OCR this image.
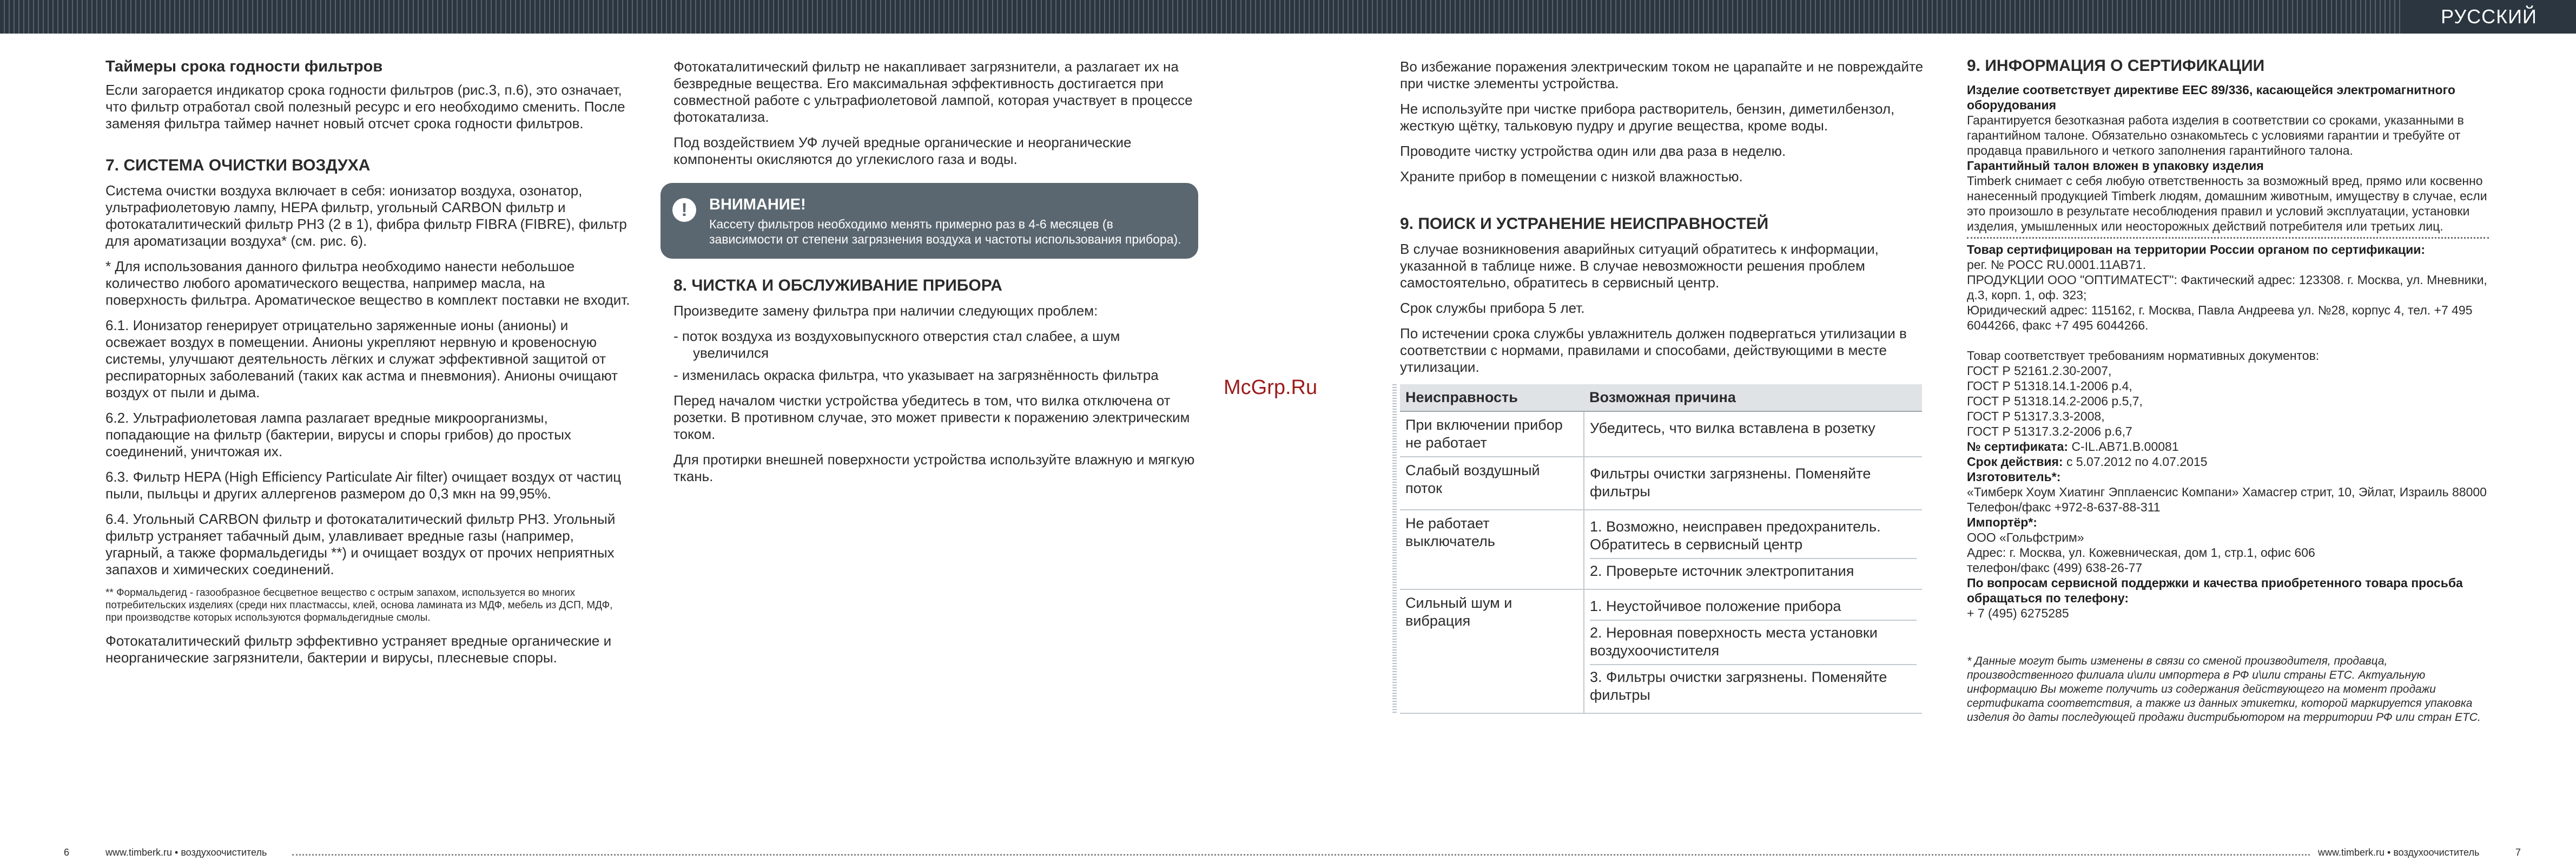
РУССКИЙ
Таймеры срока годности фильтров

Если загорается индикатор срока годности фильтров (рис.3, п.6), это означает, что фильтр отработал свой полезный ресурс и его необходимо сменить. После заменяя фильтра таймер начнет новый отсчет срока годности фильтров.

7. СИСТЕМА ОЧИСТКИ ВОЗДУХА

Система очистки воздуха включает в себя: ионизатор воздуха, озонатор, ультрафиолетовую лампу, HEPA фильтр, угольный CARBON фильтр и фотокаталитический фильтр PH3 (2 в 1), фибра фильтр FIBRA (FIBRE), фильтр для ароматизации воздуха* (см. рис. 6).

* Для использования данного фильтра необходимо нанести небольшое количество любого ароматического вещества, например масла, на поверхность фильтра. Ароматическое вещество в комплект поставки не входит.

6.1. Ионизатор генерирует отрицательно заряженные ионы (анионы) и освежает воздух в помещении. Анионы укрепляют нервную и кровеносную системы, улучшают деятельность лёгких и служат эффективной защитой от респираторных заболеваний (таких как астма и пневмония). Анионы очищают воздух от пыли и дыма.

6.2. Ультрафиолетовая лампа разлагает вредные микроорганизмы, попадающие на фильтр (бактерии, вирусы и споры грибов) до простых соединений, уничтожая их.

6.3. Фильтр HEPA (High Efficiency Particulate Air filter) очищает воздух от частиц пыли, пыльцы и других аллергенов размером до 0,3 мкн на 99,95%.

6.4. Угольный CARBON фильтр и фотокаталитический фильтр PH3. Угольный фильтр устраняет табачный дым, улавливает вредные газы (например, угарный, а также формальдегиды **) и очищает воздух от прочих неприятных запахов и химических соединений.

** Формальдегид - газообразное бесцветное вещество с острым запахом, используется во многих потребительских изделиях (среди них пластмассы, клей, основа ламината из МДФ, мебель из ДСП, МДФ, при производстве которых используются формальдегидные смолы.

Фотокаталитический фильтр эффективно устраняет вредные органические и неорганические загрязнители, бактерии и вирусы, плесневые споры.

Фотокаталитический фильтр не накапливает загрязнители, а разлагает их на безвредные вещества. Его максимальная эффективность достигается при совместной работе с ультрафиолетовой лампой, которая участвует в процессе фотокатализа.

Под воздействием УФ лучей вредные органические и неорганические компоненты окисляются до углекислого газа и воды.

!	ВНИМАНИЕ!
Кассету фильтров необходимо менять примерно раз в 4-6 месяцев (в зависимости от степени загрязнения воздуха и частоты использования прибора).
8. ЧИСТКА И ОБСЛУЖИВАНИЕ ПРИБОРА

Произведите замену фильтра при наличии следующих проблем:

- поток воздуха из воздуховыпускного отверстия стал слабее, а шум увеличился
- изменилась окраска фильтра, что указывает на загрязнённость фильтра

Перед началом чистки устройства убедитесь в том, что вилка отключена от розетки. В противном случае, это может привести к поражению электрическим током.

Для протирки внешней поверхности устройства используйте влажную и мягкую ткань.

McGrp.Ru

Во избежание поражения электрическим током не царапайте и не повреждайте при чистке элементы устройства.

Не используйте при чистке прибора растворитель, бензин, диметилбензол, жесткую щётку, тальковую пудру и другие вещества, кроме воды.

Проводите чистку устройства один или два раза в неделю.

Храните прибор в помещении с низкой влажностью.

9. ПОИСК И УСТРАНЕНИЕ НЕИСПРАВНОСТЕЙ

В случае возникновения аварийных ситуаций обратитесь к информации, указанной в таблице ниже. В случае невозможности решения проблем самостоятельно, обратитесь в сервисный центр.

Срок службы прибора 5 лет.

По истечении срока службы увлажнитель должен подвергаться утилизации в соответствии с нормами, правилами и способами, действующими в месте утилизации.

Неисправность	Возможная причина
При включении прибор не работает	Убедитесь, что вилка вставлена в розетку

Слабый воздушный поток	Фильтры очистки загрязнены. Поменяйте фильтры

Не работает выключатель	1. Возможно, неисправен предохранитель. Обратитесь в сервисный центр
2. Проверьте источник электропитания

Сильный шум и вибрация	1. Неустойчивое положение прибора
2. Неровная поверхность места установки воздухоочистителя
3. Фильтры очистки загрязнены. Поменяйте фильтры
9. ИНФОРМАЦИЯ О СЕРТИФИКАЦИИ

Изделие соответствует директиве EEC 89/336, касающейся электромагнитного оборудования

Гарантируется безотказная работа изделия в соответствии со сроками, указанными в гарантийном талоне. Обязательно ознакомьтесь с условиями гарантии и требуйте от продавца правильного и четкого заполнения гарантийного талона.

Гарантийный талон вложен в упаковку изделия

Timberk снимает с себя любую ответственность за возможный вред, прямо или косвенно нанесенный продукцией Timberk людям, домашним животным, имуществу в случае, если это произошло в результате несоблюдения правил и условий эксплуатации, установки изделия, умышленных или неосторожных действий потребителя или третьих лиц.

Товар сертифицирован на территории России органом по сертификации:

рег. № РОСС RU.0001.11АВ71.

ПРОДУКЦИИ ООО "ОПТИМАТЕСТ": Фактический адрес: 123308. г. Москва, ул. Мневники, д.3, корп. 1, оф. 323;

Юридический адрес: 115162, г. Москва, Павла Андреева ул. №28, корпус 4, тел. +7 495 6044266, факс +7 495 6044266.

Товар соответствует требованиям нормативных документов:

ГОСТ Р 52161.2.30-2007,

ГОСТ Р 51318.14.1-2006 р.4,

ГОСТ Р 51318.14.2-2006 р.5,7,

ГОСТ Р 51317.3.3-2008,

ГОСТ Р 51317.3.2-2006 р.6,7

№ сертификата: С-IL.АВ71.В.00081

Срок действия: с 5.07.2012 по 4.07.2015

Изготовитель*:

«Тимберк Хоум Хиатинг Эпплаенсис Компани» Хамасгер стрит, 10, Эйлат, Израиль 88000

Телефон/факс +972-8-637-88-311

Импортёр*:

ООО «Гольфстрим»

Адрес: г. Москва, ул. Кожевническая, дом 1, стр.1, офис 606

телефон/факс (499) 638-26-77

По вопросам сервисной поддержки и качества приобретенного товара просьба обращаться по телефону:

+ 7 (495) 6275285

* Данные могут быть изменены в связи со сменой производителя, продавца, производственного филиала и\или импортера в РФ и\или страны ЕТС. Актуальную информацию Вы можете получить из содержания действующего на момент продажи сертификата соответствия, а также из данных этикетки, которой маркируется упаковка изделия до даты последующей продажи дистрибьютором на территории РФ или стран ЕТС.
6	www.timberk.ru • воздухоочиститель	www.timberk.ru • воздухоочиститель	7
